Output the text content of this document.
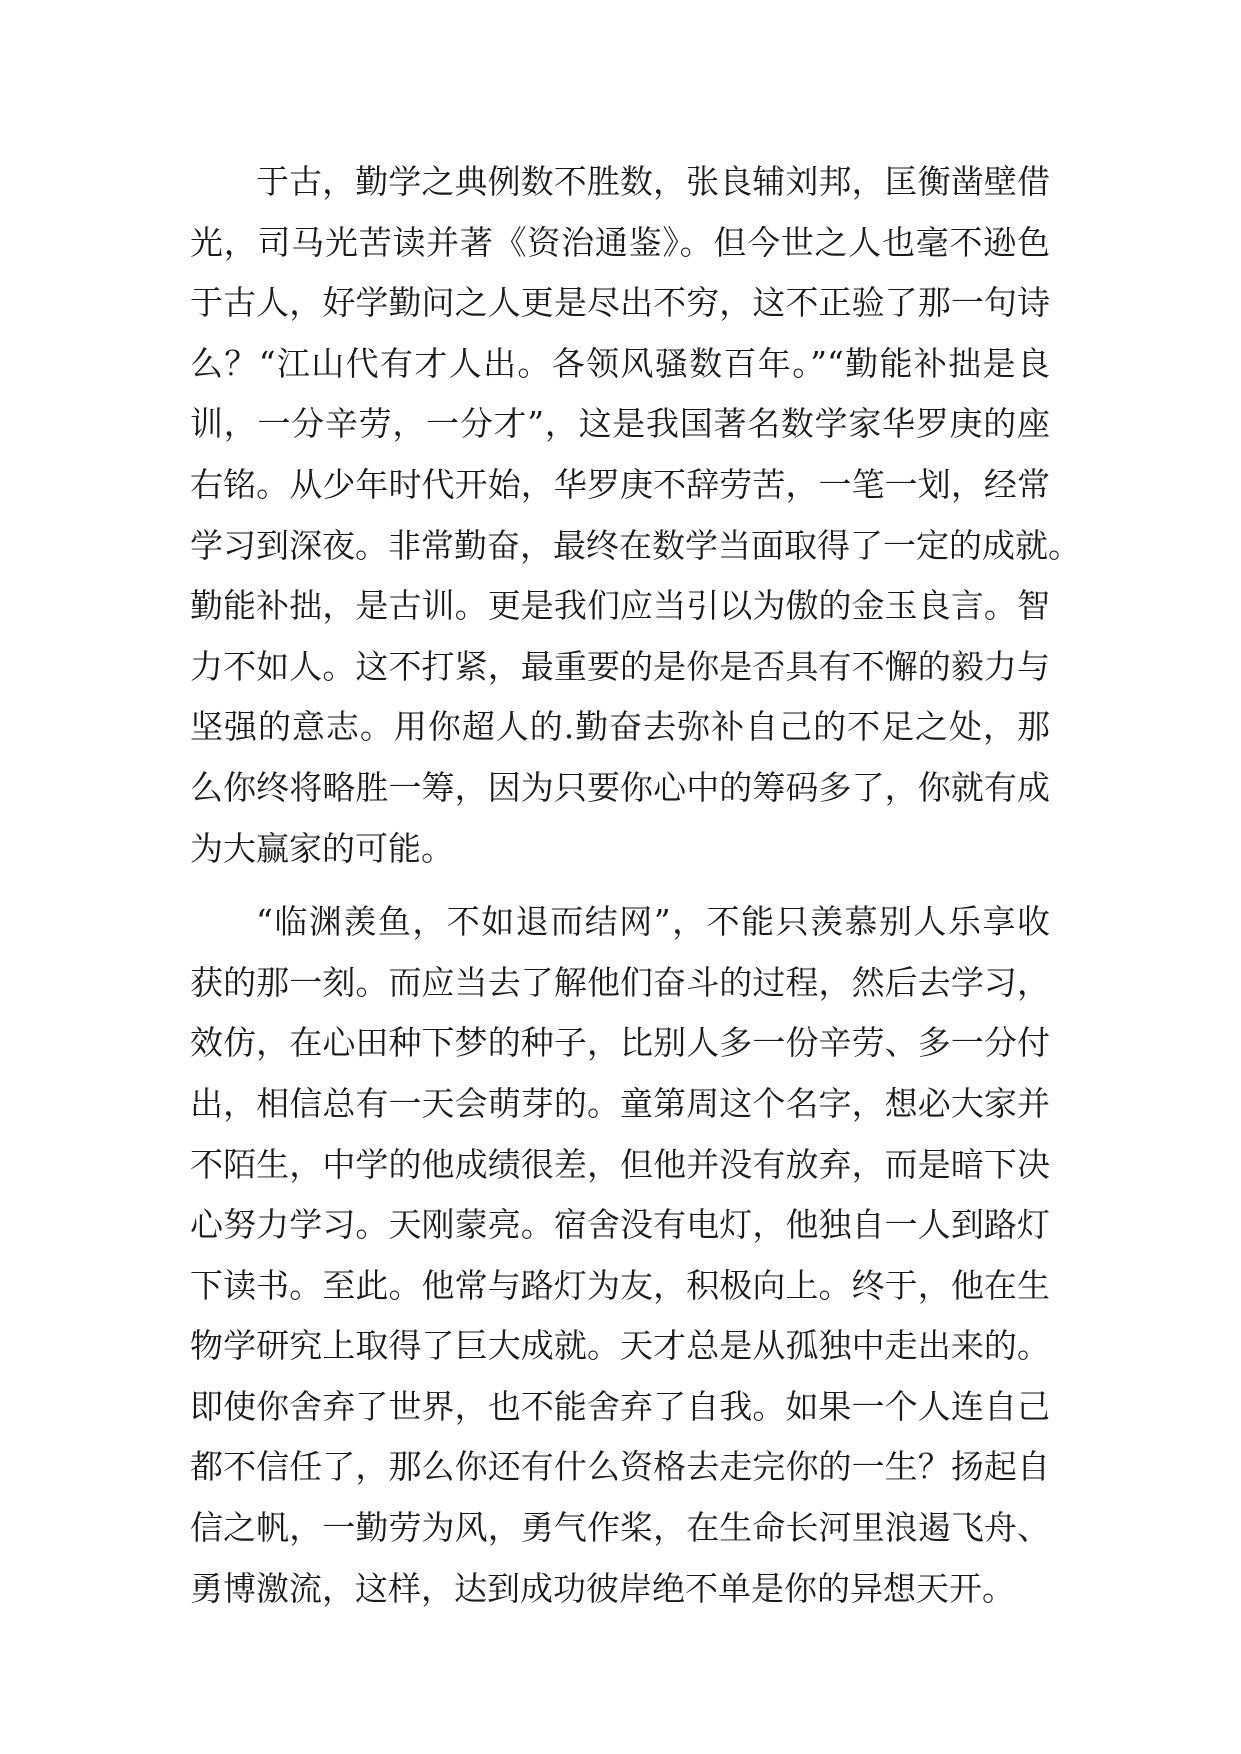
于古，勤学之典例数不胜数，张良辅刘邦，匡衡凿壁借
光，司马光苦读并著《资治通鉴》。但今世之人也毫不逊色
于古人，好学勤问之人更是尽出不穷，这不正验了那一句诗
么？“江山代有才人出。各领风骚数百年。”“勤能补拙是良
训，一分辛劳，一分才”，这是我国著名数学家华罗庚的座
右铭。从少年时代开始，华罗庚不辞劳苦，一笔一划，经常
学习到深夜。非常勤奋，最终在数学当面取得了一定的成就。
勤能补拙，是古训。更是我们应当引以为傲的金玉良言。智
力不如人。这不打紧，最重要的是你是否具有不懈的毅力与
坚强的意志。用你超人的.勤奋去弥补自己的不足之处，那
么你终将略胜一筹，因为只要你心中的筹码多了，你就有成
为大赢家的可能。
“临渊羡鱼，不如退而结网”，不能只羡慕别人乐享收
获的那一刻。而应当去了解他们奋斗的过程，然后去学习，
效仿，在心田种下梦的种子，比别人多一份辛劳、多一分付
出，相信总有一天会萌芽的。童第周这个名字，想必大家并
不陌生，中学的他成绩很差，但他并没有放弃，而是暗下决
心努力学习。天刚蒙亮。宿舍没有电灯，他独自一人到路灯
下读书。至此。他常与路灯为友，积极向上。终于，他在生
物学研究上取得了巨大成就。天才总是从孤独中走出来的。
即使你舍弃了世界，也不能舍弃了自我。如果一个人连自己
都不信任了，那么你还有什么资格去走完你的一生？扬起自
信之帆，一勤劳为风，勇气作桨，在生命长河里浪遏飞舟、
勇博激流，这样，达到成功彼岸绝不单是你的异想天开。
